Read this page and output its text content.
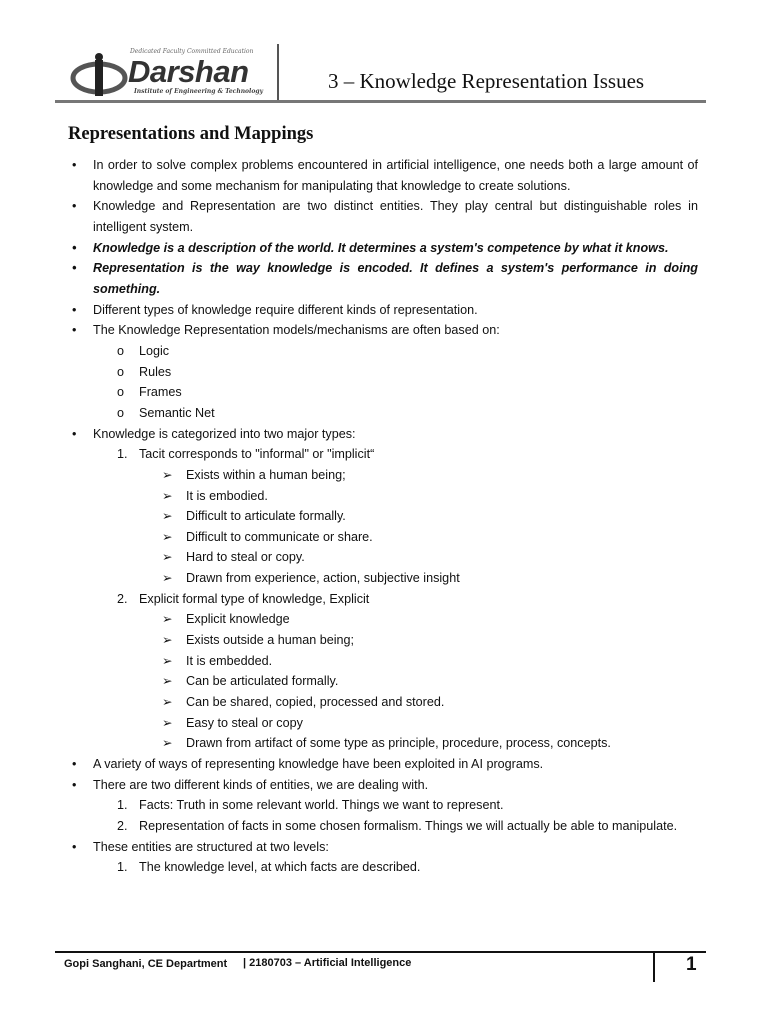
Dedicated Faculty Committed Education
Darshan
Institute of Engineering & Technology	3 – Knowledge Representation Issues
Representations and Mappings
• In order to solve complex problems encountered in artificial intelligence, one needs both a large amount of knowledge and some mechanism for manipulating that knowledge to create solutions.
• Knowledge and Representation are two distinct entities. They play central but distinguishable roles in intelligent system.
• Knowledge is a description of the world. It determines a system's competence by what it knows.
• Representation is the way knowledge is encoded. It defines a system's performance in doing something.
• Different types of knowledge require different kinds of representation.
• The Knowledge Representation models/mechanisms are often based on:
o Logic
o Rules
o Frames
o Semantic Net
• Knowledge is categorized into two major types:
1. Tacit corresponds to "informal" or "implicit“
➢ Exists within a human being;
➢ It is embodied.
➢ Difficult to articulate formally.
➢ Difficult to communicate or share.
➢ Hard to steal or copy.
➢ Drawn from experience, action, subjective insight
2. Explicit formal type of knowledge, Explicit
➢ Explicit knowledge
➢ Exists outside a human being;
➢ It is embedded.
➢ Can be articulated formally.
➢ Can be shared, copied, processed and stored.
➢ Easy to steal or copy
➢ Drawn from artifact of some type as principle, procedure, process, concepts.
• A variety of ways of representing knowledge have been exploited in AI programs.
• There are two different kinds of entities, we are dealing with.
1. Facts: Truth in some relevant world. Things we want to represent.
2. Representation of facts in some chosen formalism. Things we will actually be able to manipulate.
• These entities are structured at two levels:
1. The knowledge level, at which facts are described.
Gopi Sanghani, CE Department | 2180703 – Artificial Intelligence	1
